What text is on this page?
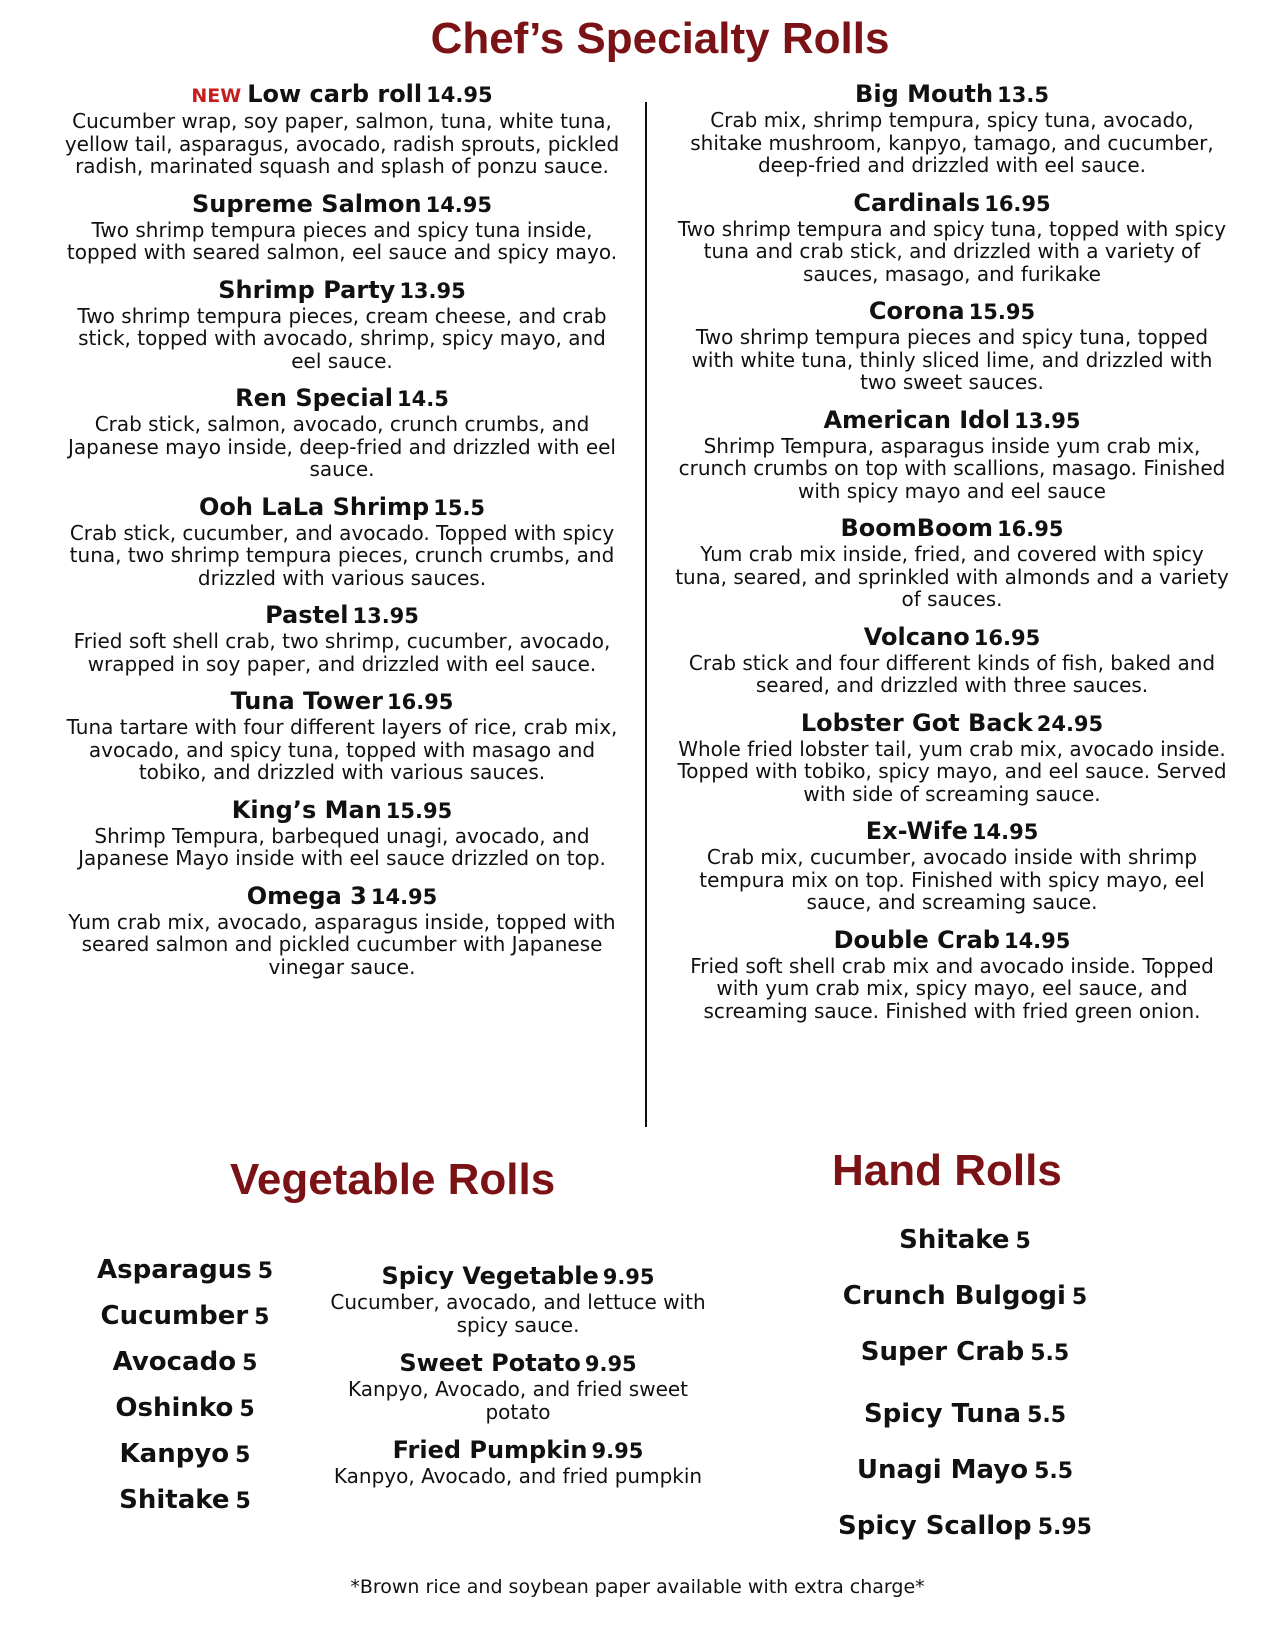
Chef’s Specialty Rolls
NEW Low carb roll 14.95
Cucumber wrap, soy paper, salmon, tuna, white tuna, yellow tail, asparagus, avocado, radish sprouts, pickled radish, marinated squash and splash of ponzu sauce.
Supreme Salmon 14.95
Two shrimp tempura pieces and spicy tuna inside, topped with seared salmon, eel sauce and spicy mayo.
Shrimp Party 13.95
Two shrimp tempura pieces, cream cheese, and crab stick, topped with avocado, shrimp, spicy mayo, and eel sauce.
Ren Special 14.5
Crab stick, salmon, avocado, crunch crumbs, and Japanese mayo inside, deep-fried and drizzled with eel sauce.
Ooh LaLa Shrimp 15.5
Crab stick, cucumber, and avocado. Topped with spicy tuna, two shrimp tempura pieces, crunch crumbs, and drizzled with various sauces.
Pastel 13.95
Fried soft shell crab, two shrimp, cucumber, avocado, wrapped in soy paper, and drizzled with eel sauce.
Tuna Tower 16.95
Tuna tartare with four different layers of rice, crab mix, avocado, and spicy tuna, topped with masago and tobiko, and drizzled with various sauces.
King’s Man 15.95
Shrimp Tempura, barbequed unagi, avocado, and Japanese Mayo inside with eel sauce drizzled on top.
Omega 3 14.95
Yum crab mix, avocado, asparagus inside, topped with seared salmon and pickled cucumber with Japanese vinegar sauce.
Big Mouth 13.5
Crab mix, shrimp tempura, spicy tuna, avocado, shitake mushroom, kanpyo, tamago, and cucumber, deep-fried and drizzled with eel sauce.
Cardinals 16.95
Two shrimp tempura and spicy tuna, topped with spicy tuna and crab stick, and drizzled with a variety of sauces, masago, and furikake
Corona 15.95
Two shrimp tempura pieces and spicy tuna, topped with white tuna, thinly sliced lime, and drizzled with two sweet sauces.
American Idol 13.95
Shrimp Tempura, asparagus inside yum crab mix, crunch crumbs on top with scallions, masago. Finished with spicy mayo and eel sauce
BoomBoom 16.95
Yum crab mix inside, fried, and covered with spicy tuna, seared, and sprinkled with almonds and a variety of sauces.
Volcano 16.95
Crab stick and four different kinds of fish, baked and seared, and drizzled with three sauces.
Lobster Got Back 24.95
Whole fried lobster tail, yum crab mix, avocado inside. Topped with tobiko, spicy mayo, and eel sauce. Served with side of screaming sauce.
Ex-Wife 14.95
Crab mix, cucumber, avocado inside with shrimp tempura mix on top. Finished with spicy mayo, eel sauce, and screaming sauce.
Double Crab 14.95
Fried soft shell crab mix and avocado inside. Topped with yum crab mix, spicy mayo, eel sauce, and screaming sauce. Finished with fried green onion.
Vegetable Rolls	Hand Rolls
Asparagus 5
Cucumber 5
Avocado 5
Oshinko 5
Kanpyo 5
Shitake 5
Spicy Vegetable 9.95
Cucumber, avocado, and lettuce with spicy sauce.
Sweet Potato 9.95
Kanpyo, Avocado, and fried sweet potato
Fried Pumpkin 9.95
Kanpyo, Avocado, and fried pumpkin
Shitake 5
Crunch Bulgogi 5
Super Crab 5.5
Spicy Tuna 5.5
Unagi Mayo 5.5
Spicy Scallop 5.95
*Brown rice and soybean paper available with extra charge*
